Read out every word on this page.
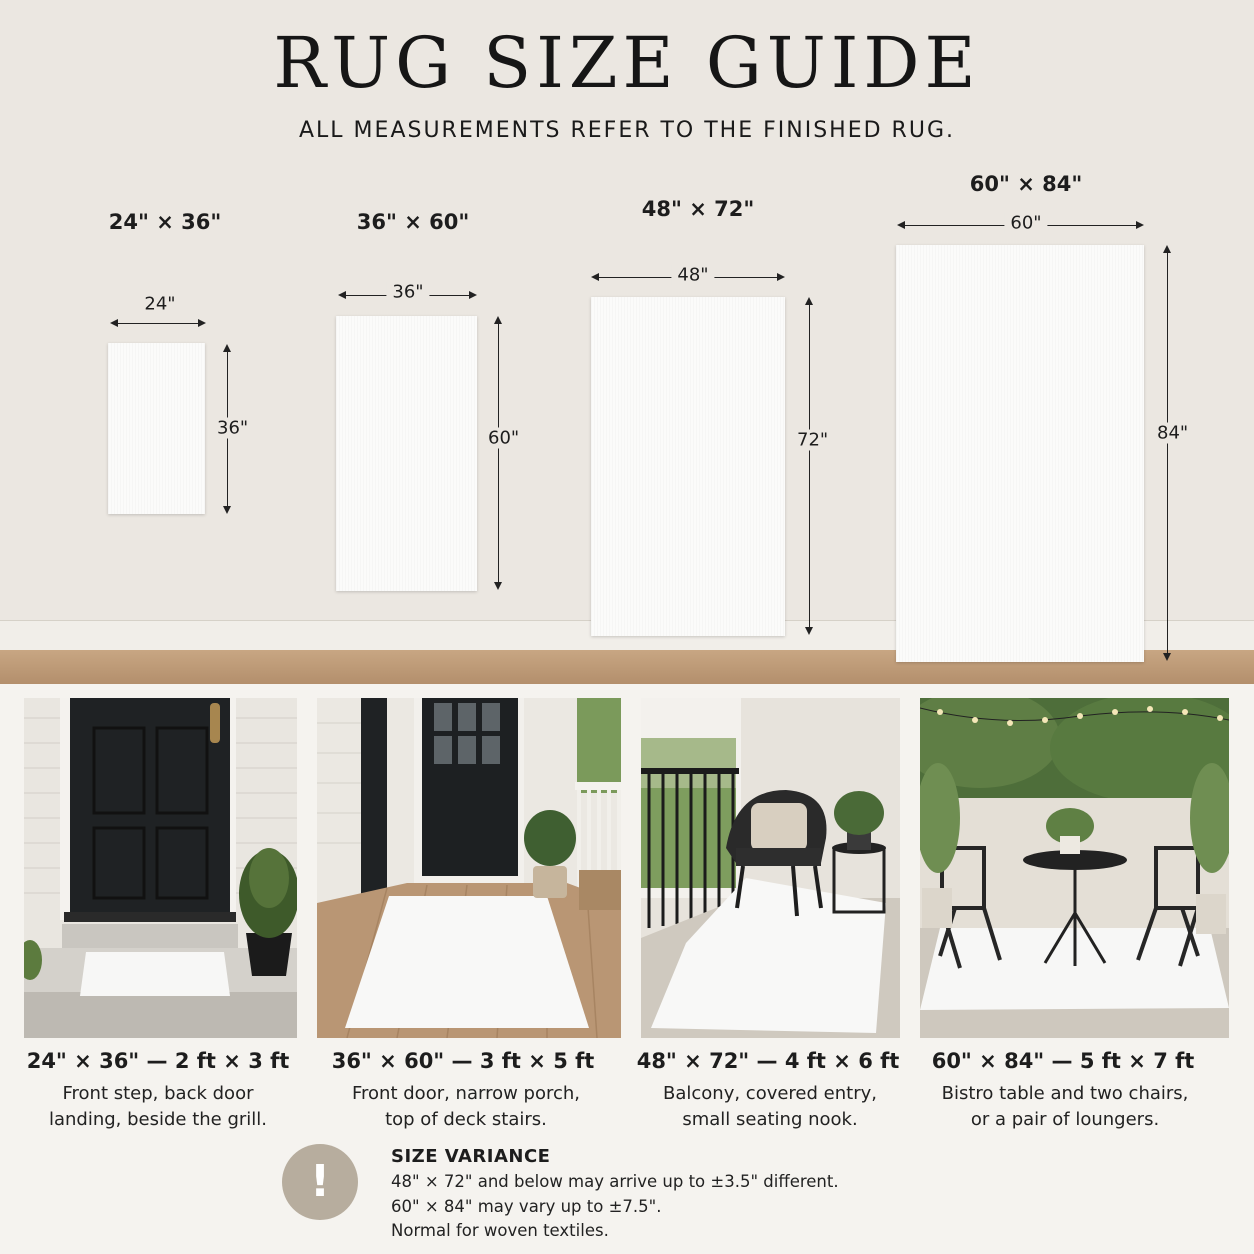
RUG SIZE GUIDE
ALL MEASUREMENTS REFER TO THE FINISHED RUG.
24" × 36"
24"
36"
36" × 60"
36"
60"
48" × 72"
48"
72"
60" × 84"
60"
84"
24" × 36" — 2 ft × 3 ft
Front step, back door
landing, beside the grill.
36" × 60" — 3 ft × 5 ft
Front door, narrow porch,
top of deck stairs.
48" × 72" — 4 ft × 6 ft
Balcony, covered entry,
small seating nook.
60" × 84" — 5 ft × 7 ft
Bistro table and two chairs,
or a pair of loungers.
!	SIZE VARIANCE
48" × 72" and below may arrive up to ±3.5" different.
60" × 84" may vary up to ±7.5".
Normal for woven textiles.
